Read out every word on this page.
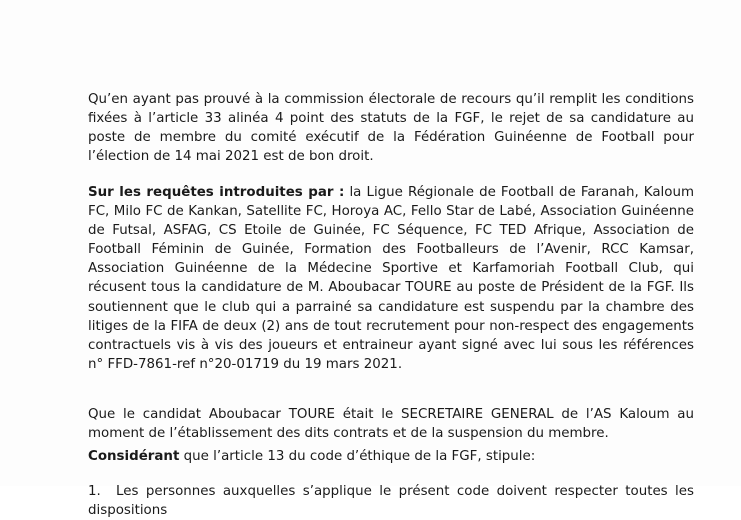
Qu’en ayant pas prouvé à la commission électorale de recours qu’il remplit les conditions fixées à l’article 33 alinéa 4 point des statuts de la FGF, le rejet de sa candidature au poste de membre du comité exécutif de la Fédération Guinéenne de Football pour l’élection de 14 mai 2021 est de bon droit.

Sur les requêtes introduites par : la Ligue Régionale de Football de Faranah, Kaloum FC, Milo FC de Kankan, Satellite FC, Horoya AC, Fello Star de Labé, Association Guinéenne de Futsal, ASFAG, CS Etoile de Guinée, FC Séquence, FC TED Afrique, Association de Football Féminin de Guinée, Formation des Footballeurs de l’Avenir, RCC Kamsar, Association Guinéenne de la Médecine Sportive et Karfamoriah Football Club, qui récusent tous la candidature de M. Aboubacar TOURE au poste de Président de la FGF. Ils soutiennent que le club qui a parrainé sa candidature est suspendu par la chambre des litiges de la FIFA de deux (2) ans de tout recrutement pour non-respect des engagements contractuels vis à vis des joueurs et entraineur ayant signé avec lui sous les références n° FFD-7861-ref n°20-01719 du 19 mars 2021.

Que le candidat Aboubacar TOURE était le SECRETAIRE GENERAL de l’AS Kaloum au moment de l’établissement des dits contrats et de la suspension du membre.

Considérant que l’article 13 du code d’éthique de la FGF, stipule:

1. Les personnes auxquelles s’applique le présent code doivent respecter toutes les dispositions
